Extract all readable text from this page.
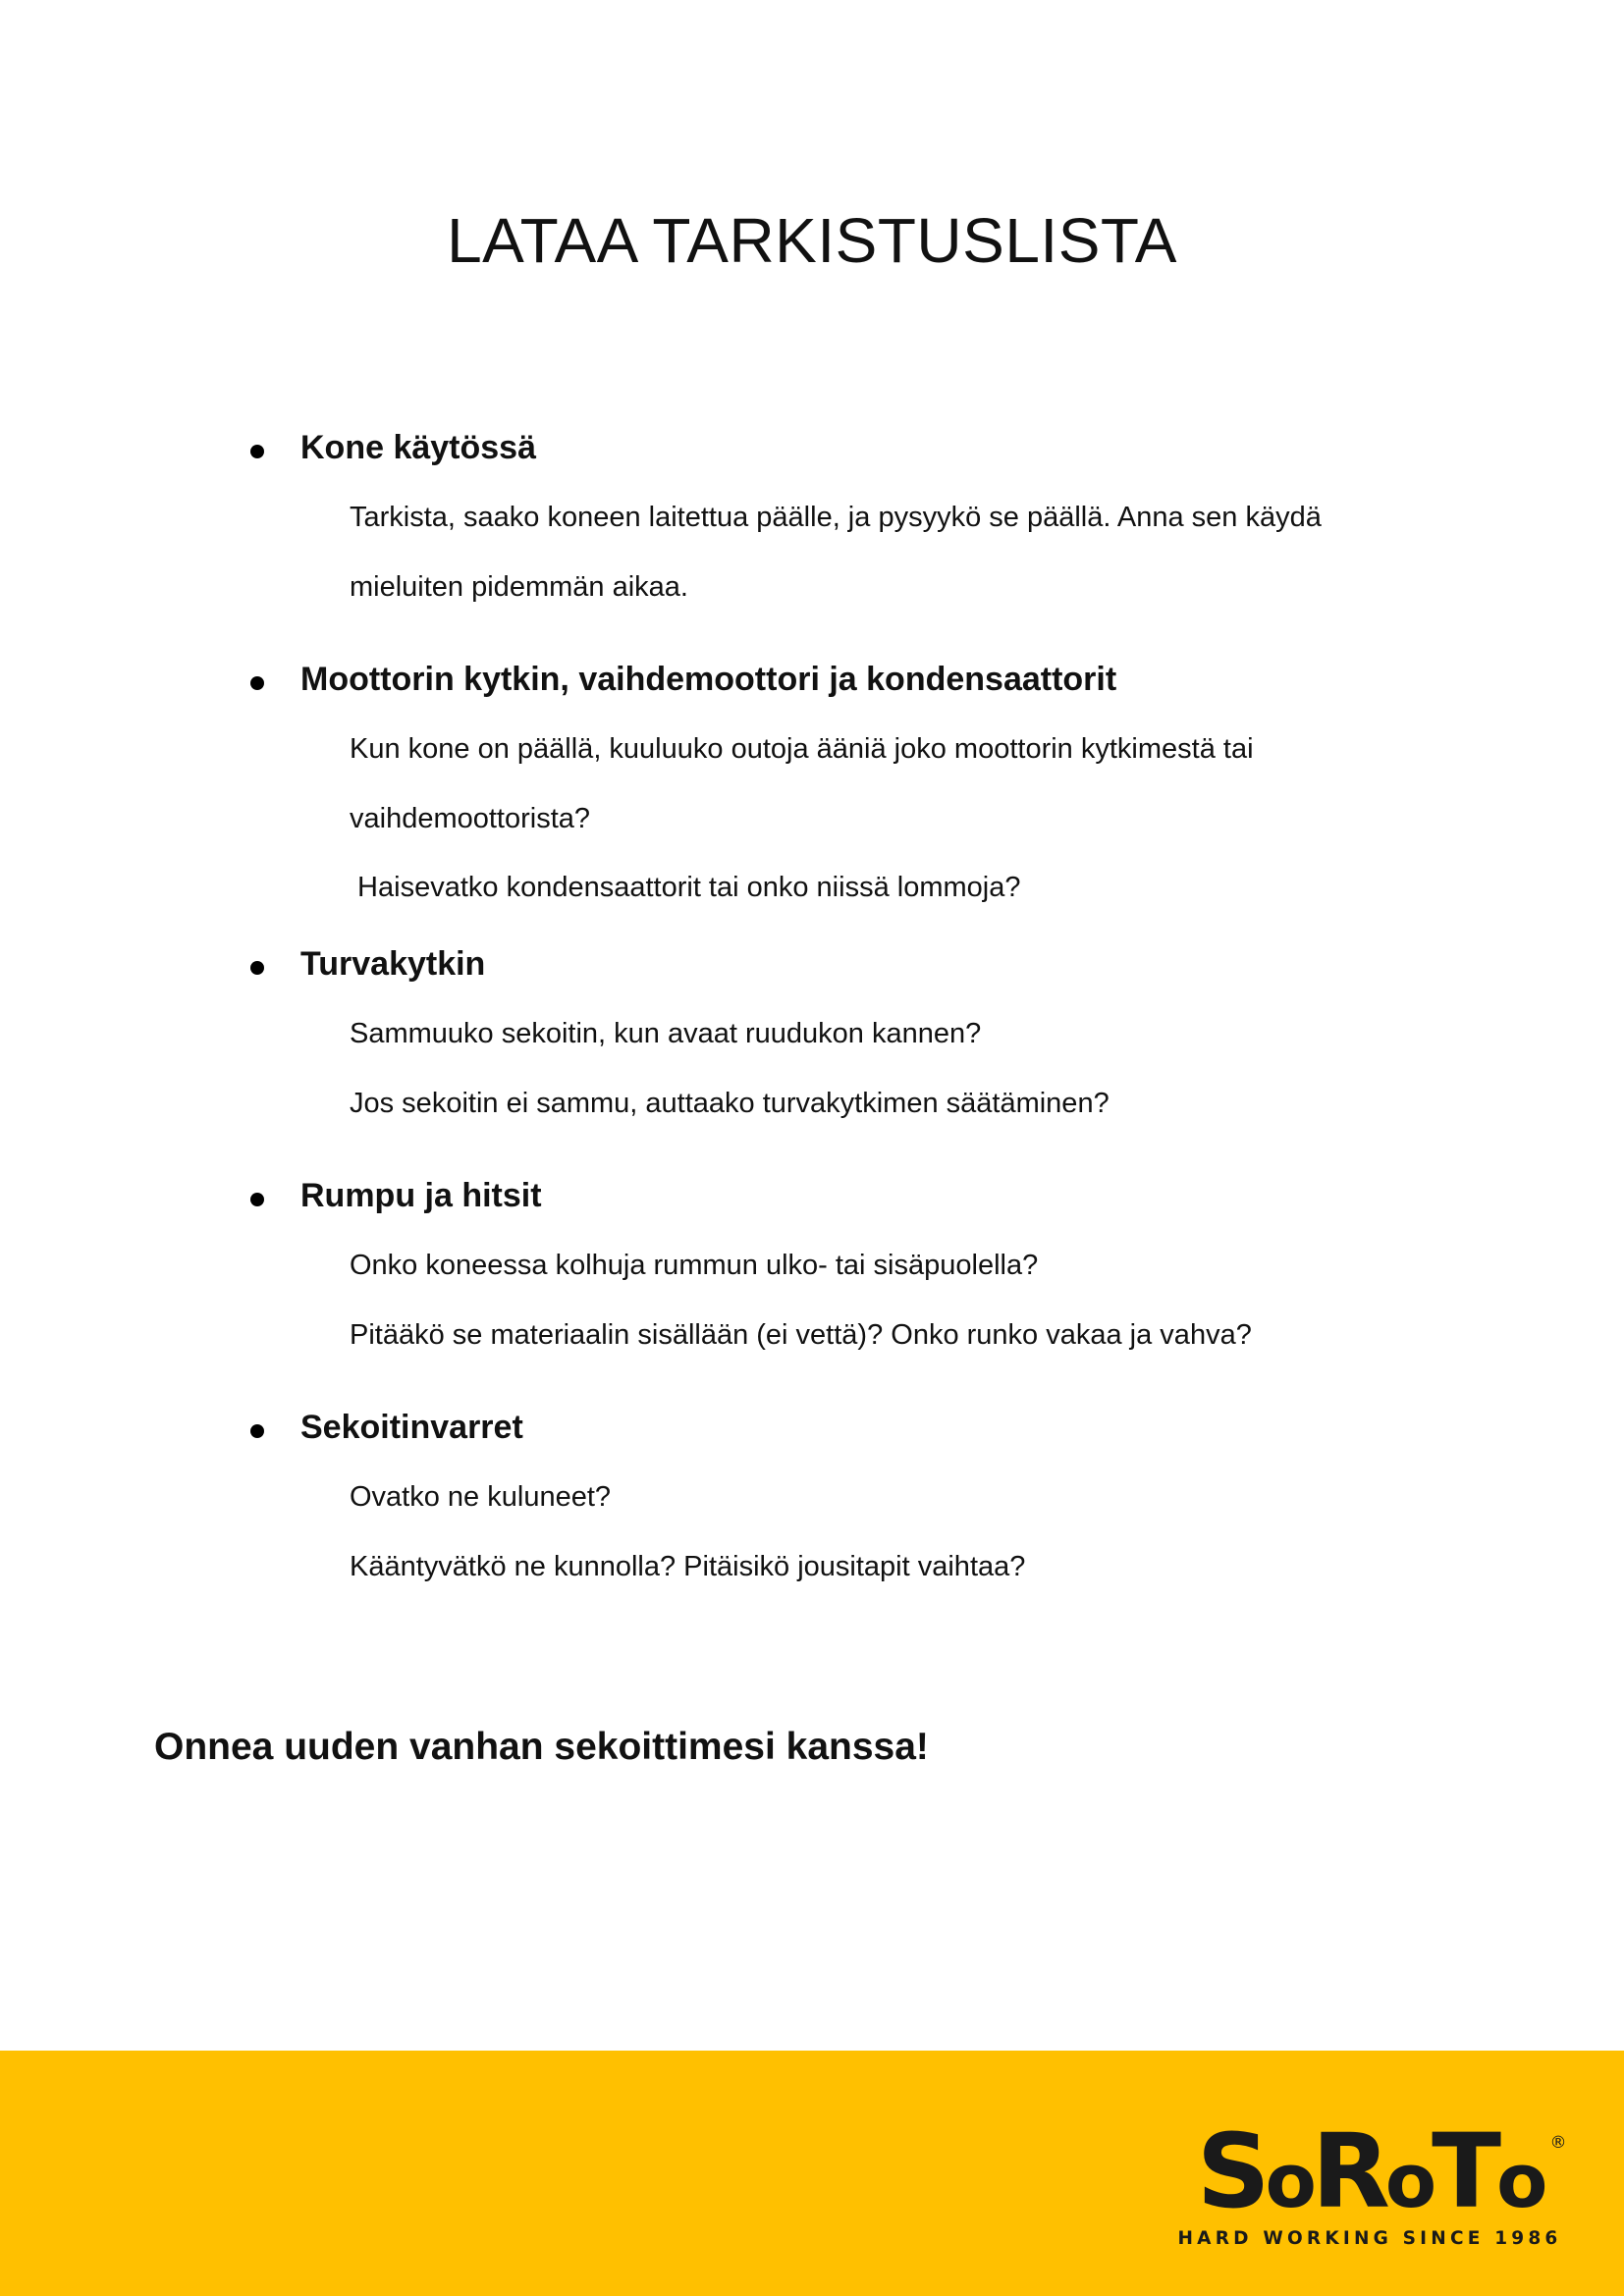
LATAA TARKISTUSLISTA
Kone käytössä

Tarkista, saako koneen laitettua päälle, ja pysyykö se päällä. Anna sen käydä

mieluiten pidemmän aikaa.

Moottorin kytkin, vaihdemoottori ja kondensaattorit

Kun kone on päällä, kuuluuko outoja ääniä joko moottorin kytkimestä tai

vaihdemoottorista?

Haisevatko kondensaattorit tai onko niissä lommoja?

Turvakytkin

Sammuuko sekoitin, kun avaat ruudukon kannen?

Jos sekoitin ei sammu, auttaako turvakytkimen säätäminen?

Rumpu ja hitsit

Onko koneessa kolhuja rummun ulko- tai sisäpuolella?

Pitääkö se materiaalin sisällään (ei vettä)? Onko runko vakaa ja vahva?

Sekoitinvarret

Ovatko ne kuluneet?

Kääntyvätkö ne kunnolla? Pitäisikö jousitapit vaihtaa?

Onnea uuden vanhan sekoittimesi kanssa!

SoRoTo ®
HARD WORKING SINCE 1986
